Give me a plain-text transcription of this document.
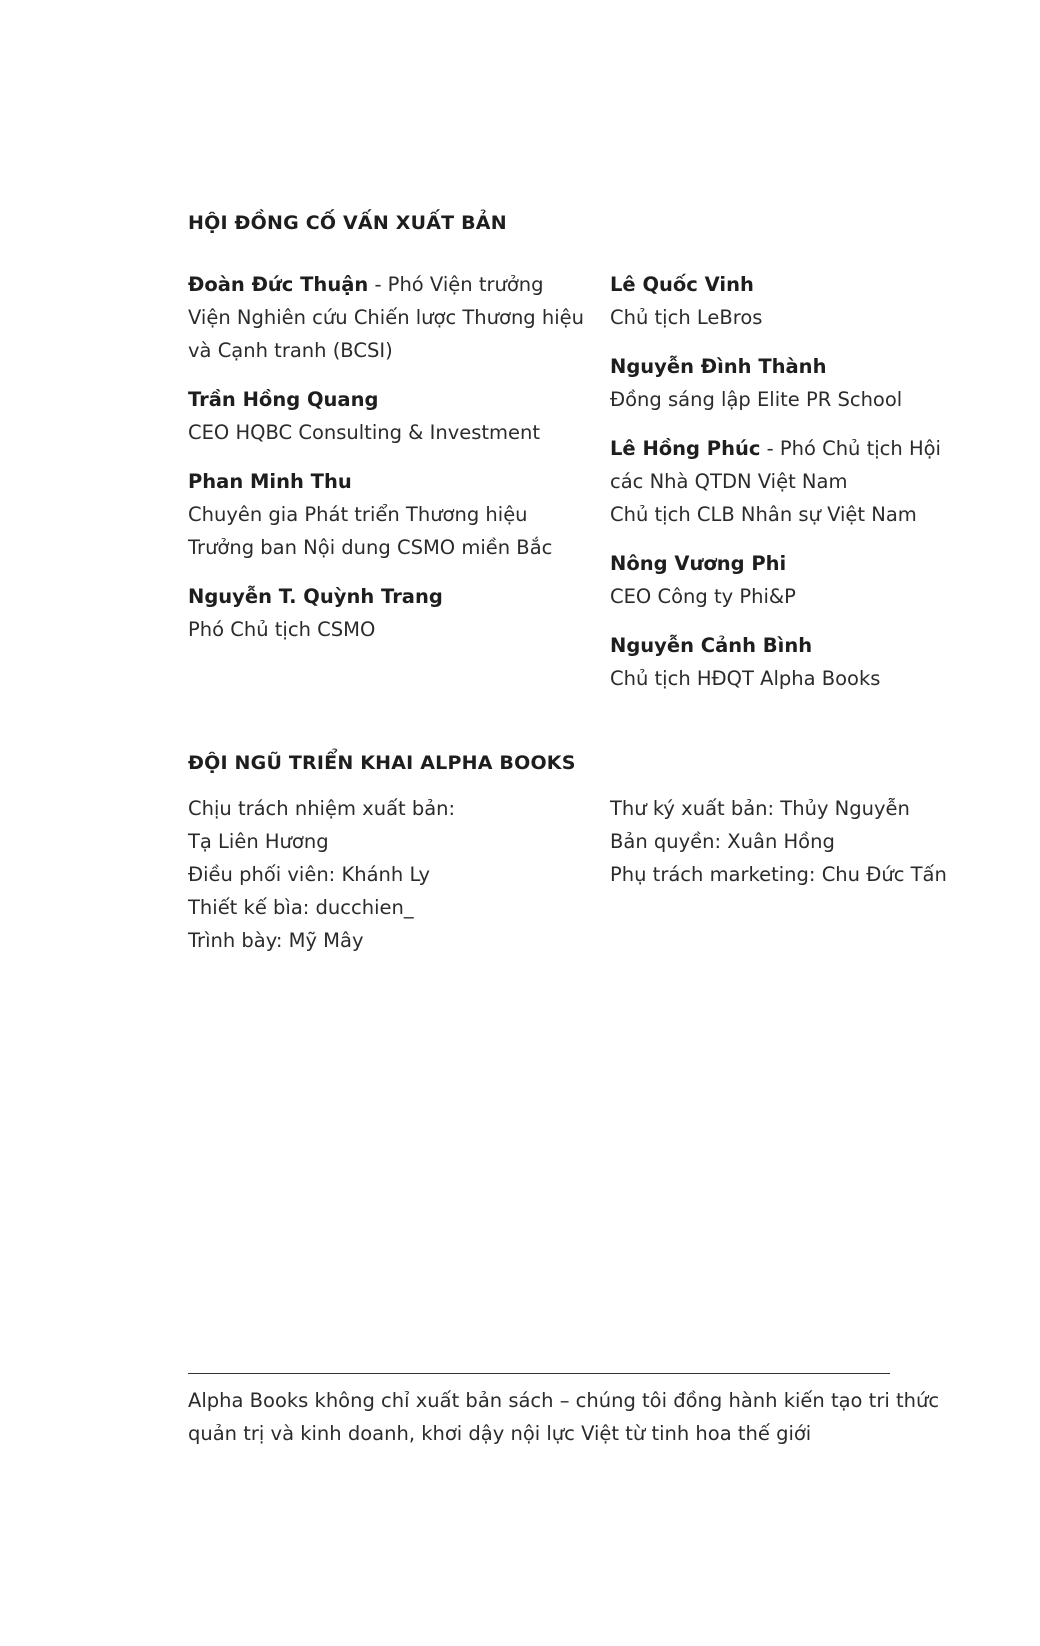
HỘI ĐỒNG CỐ VẤN XUẤT BẢN
Đoàn Đức Thuận - Phó Viện trưởng
Viện Nghiên cứu Chiến lược Thương hiệu
và Cạnh tranh (BCSI)
Trần Hồng Quang
CEO HQBC Consulting & Investment
Phan Minh Thu
Chuyên gia Phát triển Thương hiệu
Trưởng ban Nội dung CSMO miền Bắc
Nguyễn T. Quỳnh Trang
Phó Chủ tịch CSMO
Lê Quốc Vinh
Chủ tịch LeBros
Nguyễn Đình Thành
Đồng sáng lập Elite PR School
Lê Hồng Phúc - Phó Chủ tịch Hội
các Nhà QTDN Việt Nam
Chủ tịch CLB Nhân sự Việt Nam
Nông Vương Phi
CEO Công ty Phi&P
Nguyễn Cảnh Bình
Chủ tịch HĐQT Alpha Books
ĐỘI NGŨ TRIỂN KHAI ALPHA BOOKS
Chịu trách nhiệm xuất bản:
Tạ Liên Hương
Điều phối viên: Khánh Ly
Thiết kế bìa: ducchien_
Trình bày: Mỹ Mây
Thư ký xuất bản: Thủy Nguyễn
Bản quyền: Xuân Hồng
Phụ trách marketing: Chu Đức Tấn
Alpha Books không chỉ xuất bản sách – chúng tôi đồng hành kiến tạo tri thức
quản trị và kinh doanh, khơi dậy nội lực Việt từ tinh hoa thế giới
